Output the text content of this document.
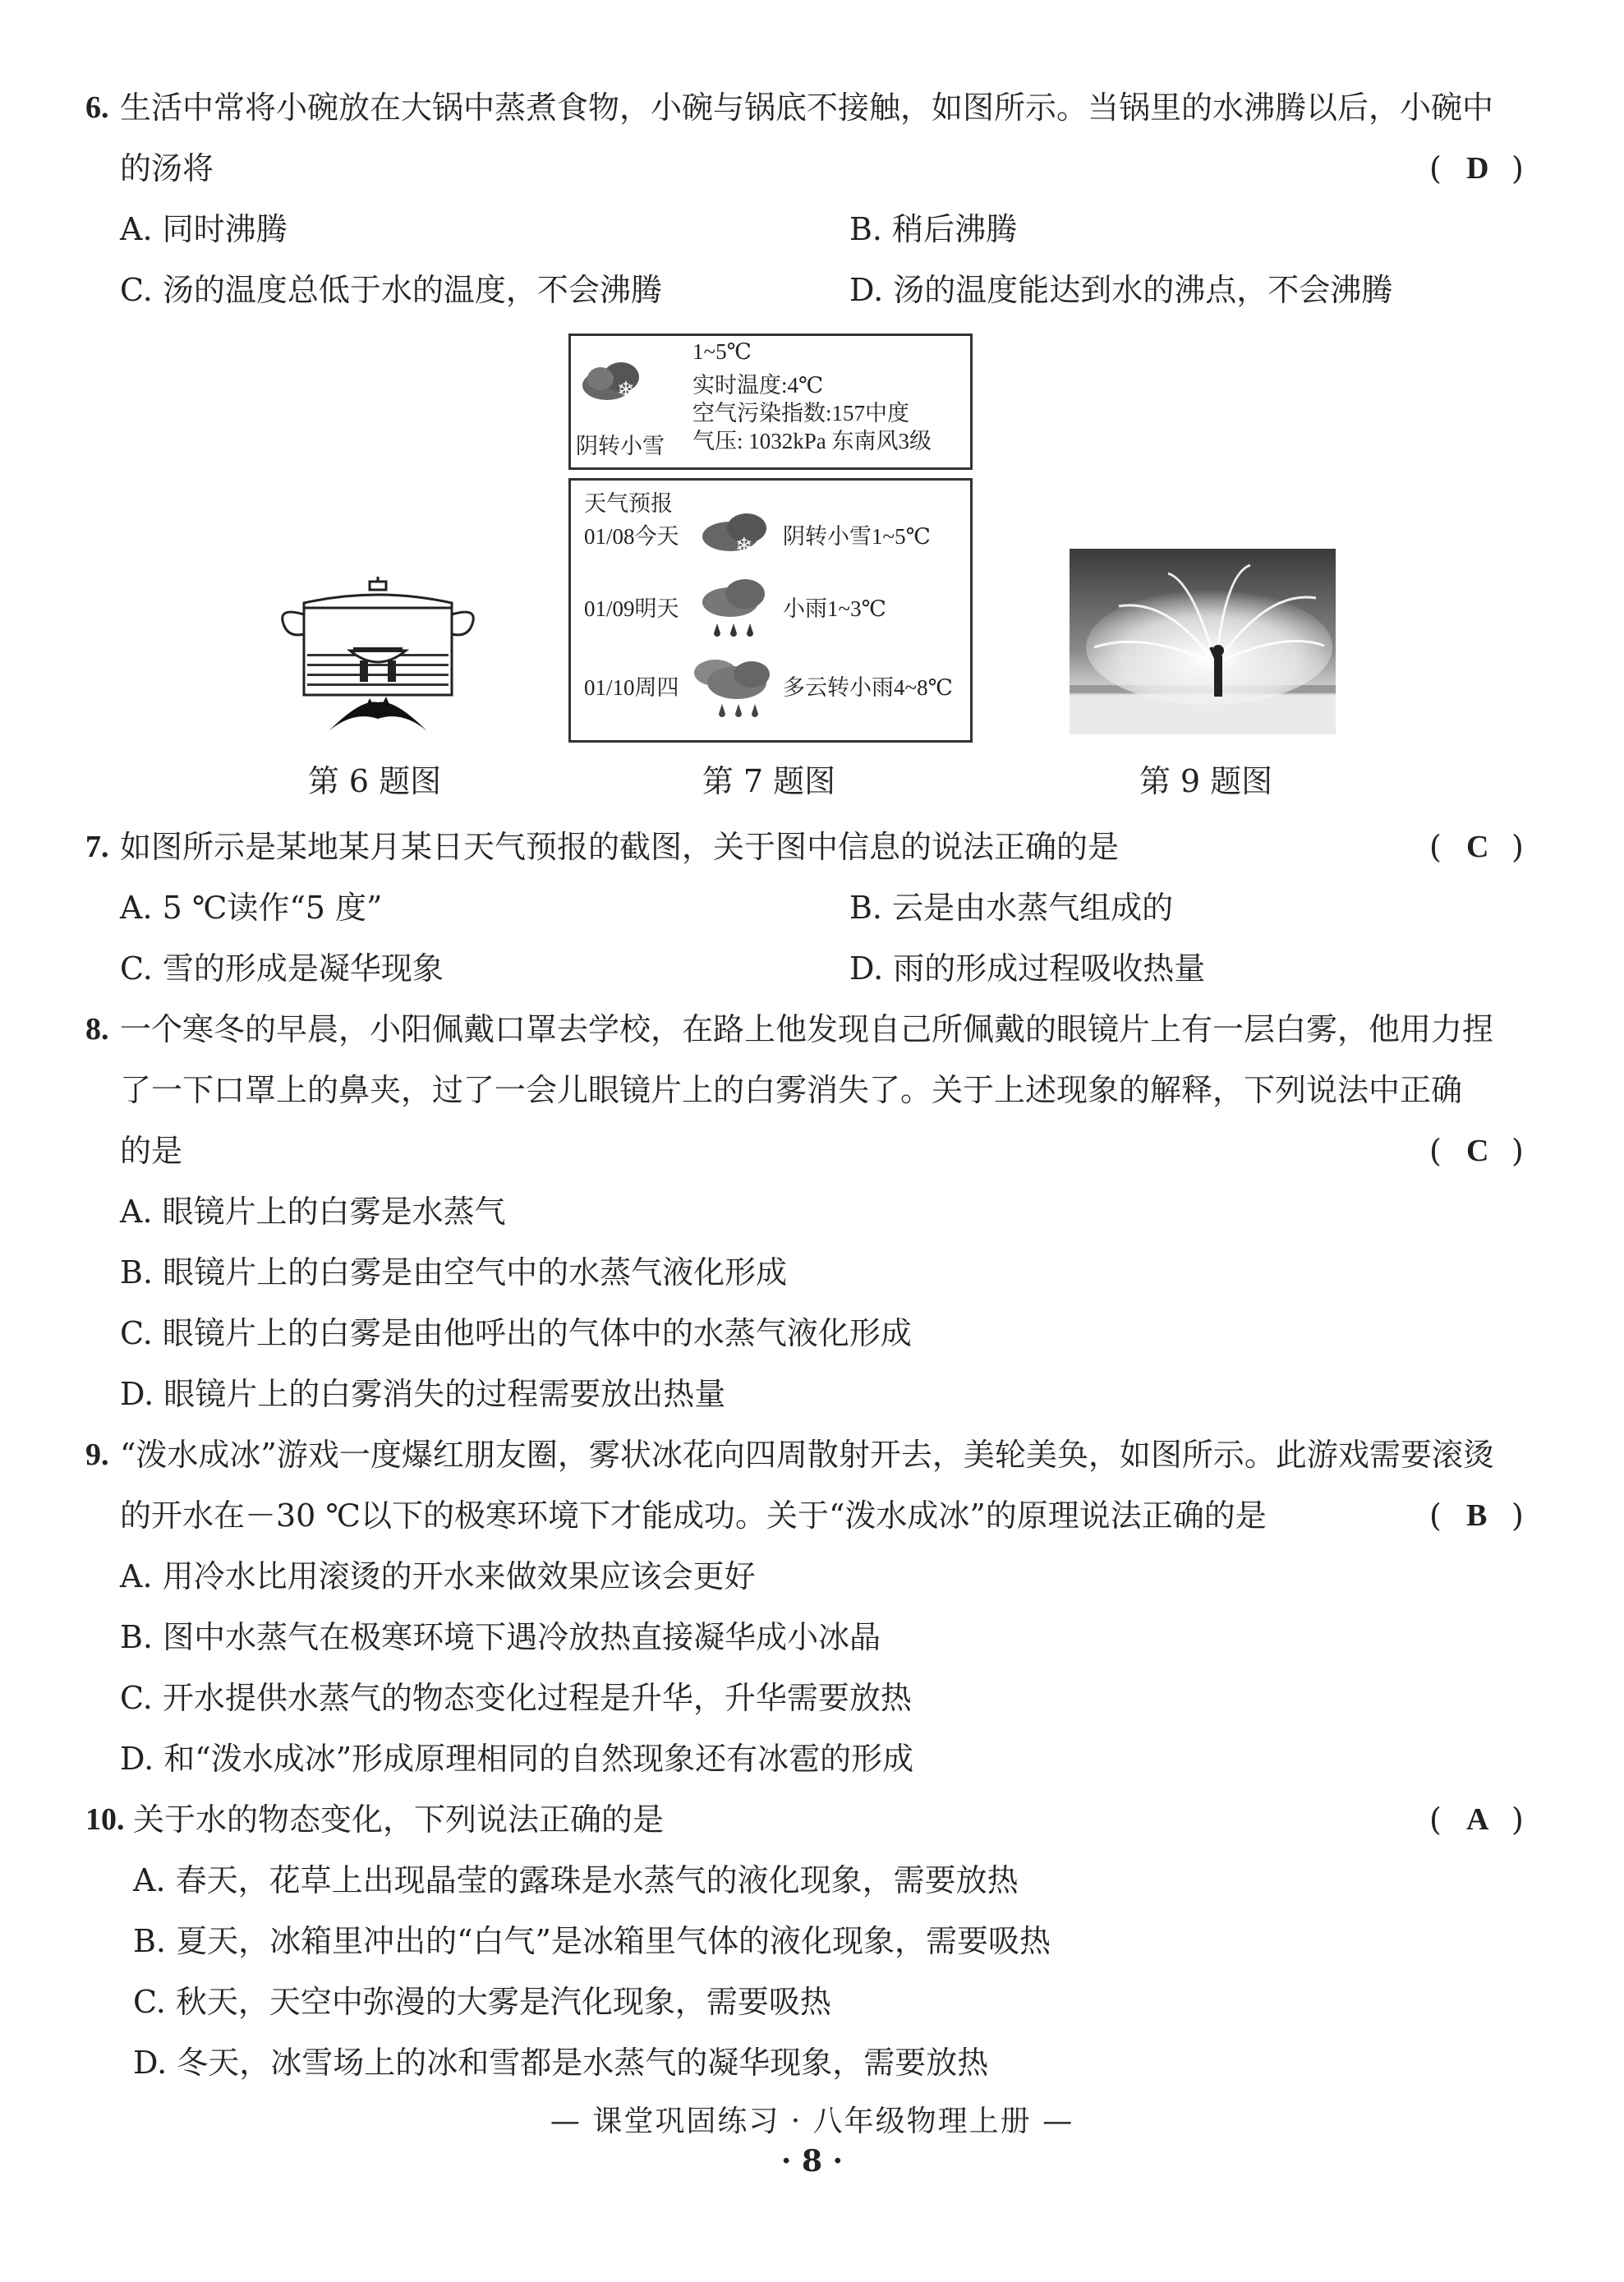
6. 生活中常将小碗放在大锅中蒸煮食物，小碗与锅底不接触，如图所示。当锅里的水沸腾以后，小碗中
的汤将	( D )
A. 同时沸腾	B. 稍后沸腾
C. 汤的温度总低于水的温度，不会沸腾	D. 汤的温度能达到水的沸点，不会沸腾
❄
阴转小雪
1~5℃
实时温度:4℃
空气污染指数:157中度
气压: 1032kPa 东南风3级
天气预报
01/08今天	❄ 阴转小雪1~5℃
01/09明天	小雨1~3℃
01/10周四	多云转小雨4~8℃
第 6 题图	第 7 题图	第 9 题图
7. 如图所示是某地某月某日天气预报的截图，关于图中信息的说法正确的是	( C )
A. 5 ℃读作“5 度”	B. 云是由水蒸气组成的
C. 雪的形成是凝华现象	D. 雨的形成过程吸收热量
8. 一个寒冬的早晨，小阳佩戴口罩去学校，在路上他发现自己所佩戴的眼镜片上有一层白雾，他用力捏
了一下口罩上的鼻夹，过了一会儿眼镜片上的白雾消失了。关于上述现象的解释，下列说法中正确
的是	( C )
A. 眼镜片上的白雾是水蒸气
B. 眼镜片上的白雾是由空气中的水蒸气液化形成
C. 眼镜片上的白雾是由他呼出的气体中的水蒸气液化形成
D. 眼镜片上的白雾消失的过程需要放出热量
9. “泼水成冰”游戏一度爆红朋友圈，雾状冰花向四周散射开去，美轮美奂，如图所示。此游戏需要滚烫
的开水在－30 ℃以下的极寒环境下才能成功。关于“泼水成冰”的原理说法正确的是	( B )
A. 用冷水比用滚烫的开水来做效果应该会更好
B. 图中水蒸气在极寒环境下遇冷放热直接凝华成小冰晶
C. 开水提供水蒸气的物态变化过程是升华，升华需要放热
D. 和“泼水成冰”形成原理相同的自然现象还有冰雹的形成
10. 关于水的物态变化，下列说法正确的是	( A )
A. 春天，花草上出现晶莹的露珠是水蒸气的液化现象，需要放热
B. 夏天，冰箱里冲出的“白气”是冰箱里气体的液化现象，需要吸热
C. 秋天，天空中弥漫的大雾是汽化现象，需要吸热
D. 冬天，冰雪场上的冰和雪都是水蒸气的凝华现象，需要放热
— 课堂巩固练习 · 八年级物理上册 —
· 8 ·
